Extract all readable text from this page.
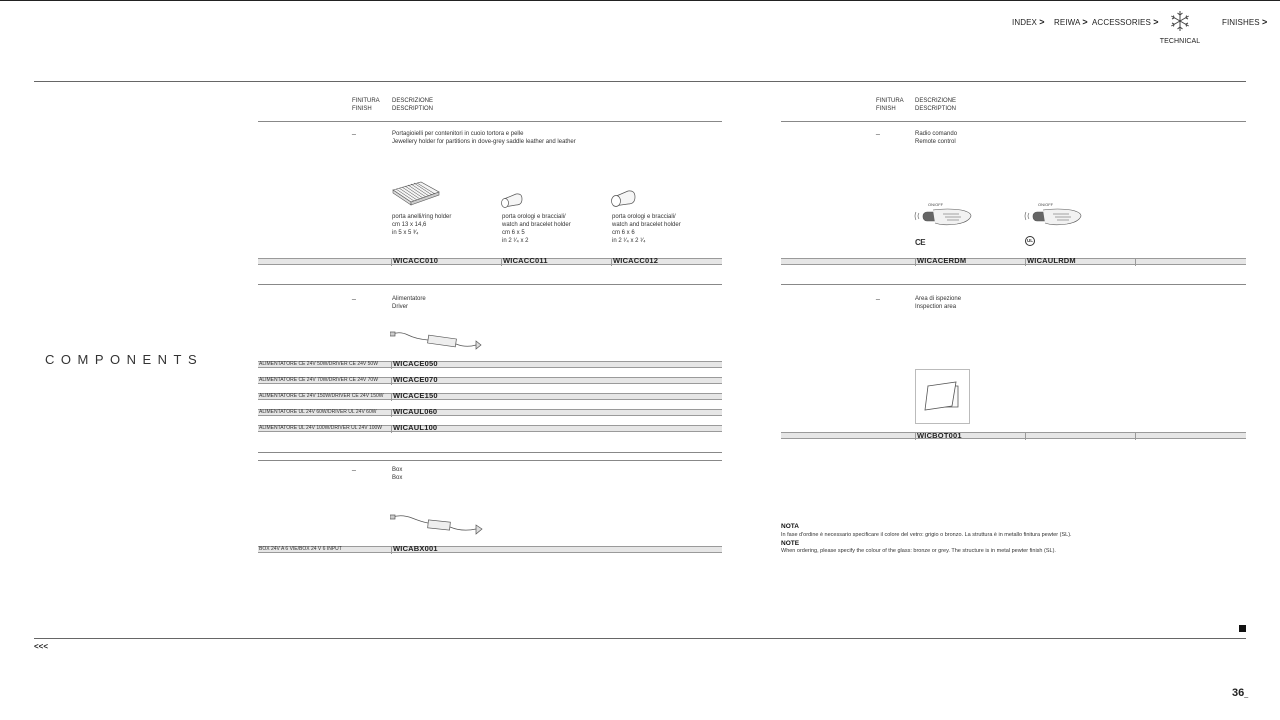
INDEX > REIWA > ACCESSORIES >
TECHNICAL
FINISHES >
COMPONENTS
FINITURA
FINISH
DESCRIZIONE
DESCRIPTION
_	Portagioielli per contenitori in cuoio tortora e pelle
Jewellery holder for partitions in dove-grey saddle leather and leather
porta anelli/ring holder
cm 13 x 14,6
in 5 x 5 ³⁄₄
porta orologi e bracciali/
watch and bracelet holder
cm 6 x 5
in 2 ¹⁄₄ x 2
porta orologi e bracciali/
watch and bracelet holder
cm 6 x 6
in 2 ¹⁄₄ x 2 ¹⁄₄
WICACC010	WICACC011	WICACC012
_	Alimentatore
Driver
ALIMENTATORE CE 24V 50W/DRIVER CE 24V 50W WICACE050
ALIMENTATORE CE 24V 70W/DRIVER CE 24V 70W WICACE070
ALIMENTATORE CE 24V 150W/DRIVER CE 24V 150W WICACE150
ALIMENTATORE UL 24V 60W/DRIVER UL 24V 60W WICAUL060
ALIMENTATORE UL 24V 100W/DRIVER UL 24V 100W WICAUL100
_	Box
Box
BOX 24V A 6 VIE/BOX 24 V 6 INPUT	WICABX001
FINITURA
FINISH
DESCRIZIONE
DESCRIPTION
_	Radio comando
Remote control
ON/OFF
CE
ON/OFF
UL
WICACERDM	WICAULRDM
_	Area di ispezione
Inspection area
WICBOT001
NOTA
In fase d'ordine è necessario specificare il colore del vetro: grigio o bronzo. La struttura è in metallo finitura pewter (SL).
NOTE
When ordering, please specify the colour of the glass: bronze or grey. The structure is in metal pewter finish (SL).
<<<
36_
